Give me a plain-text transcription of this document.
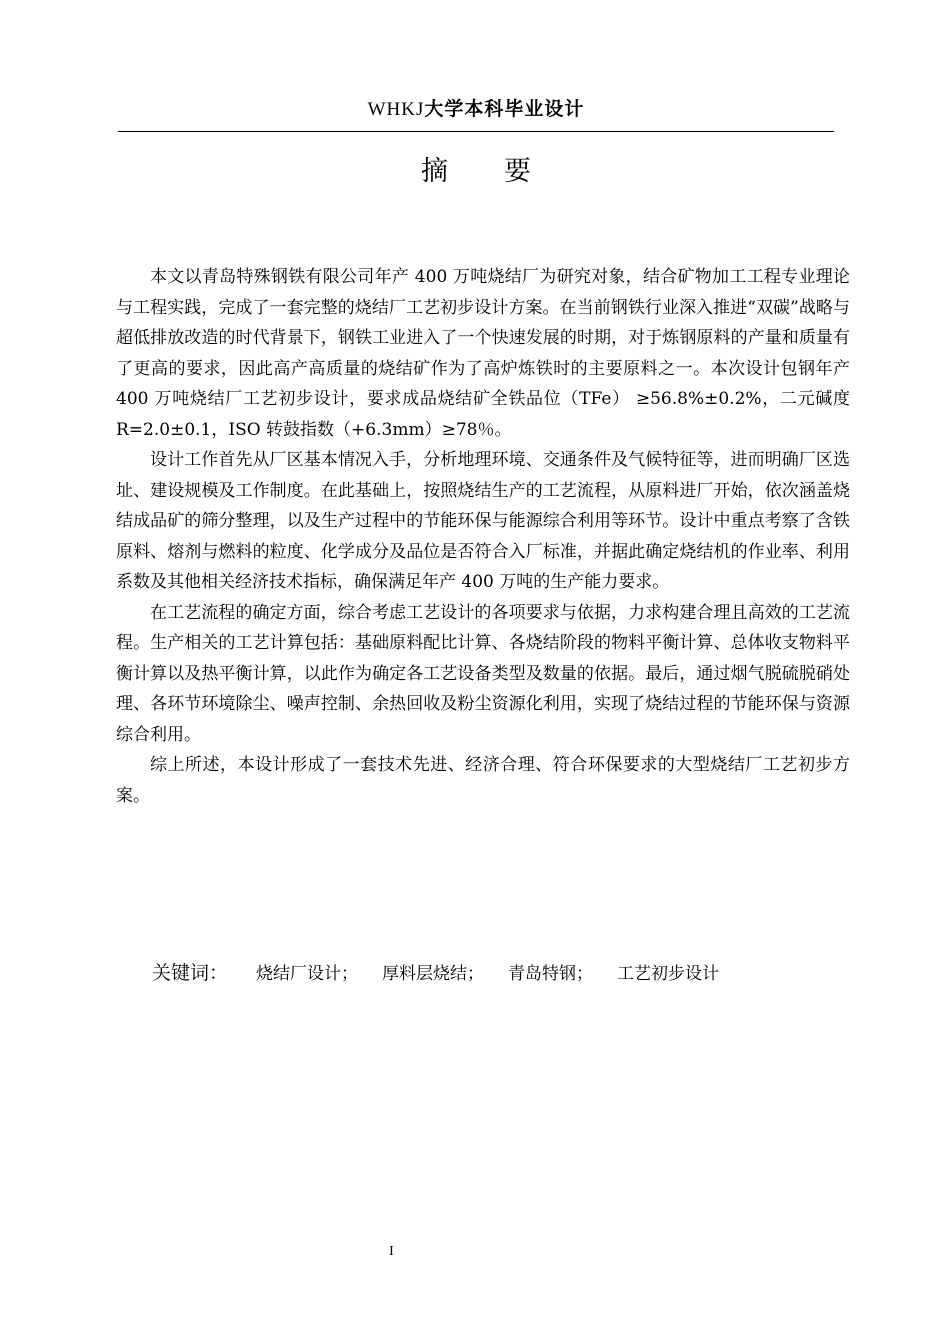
WHKJ大学本科毕业设计
摘 要

本文以青岛特殊钢铁有限公司年产 400 万吨烧结厂为研究对象，结合矿物加工工程专业理论与工程实践，完成了一套完整的烧结厂工艺初步设计方案。在当前钢铁行业深入推进“双碳”战略与超低排放改造的时代背景下，钢铁工业进入了一个快速发展的时期，对于炼钢原料的产量和质量有了更高的要求，因此高产高质量的烧结矿作为了高炉炼铁时的主要原料之一。本次设计包钢年产 400 万吨烧结厂工艺初步设计，要求成品烧结矿全铁品位（TFe） ≥56.8%±0.2%，二元碱度 R=2.0±0.1，ISO 转鼓指数（+6.3mm）≥78％。

设计工作首先从厂区基本情况入手，分析地理环境、交通条件及气候特征等，进而明确厂区选址、建设规模及工作制度。在此基础上，按照烧结生产的工艺流程，从原料进厂开始，依次涵盖烧结成品矿的筛分整理，以及生产过程中的节能环保与能源综合利用等环节。设计中重点考察了含铁原料、熔剂与燃料的粒度、化学成分及品位是否符合入厂标准，并据此确定烧结机的作业率、利用系数及其他相关经济技术指标，确保满足年产 400 万吨的生产能力要求。

在工艺流程的确定方面，综合考虑工艺设计的各项要求与依据，力求构建合理且高效的工艺流程。生产相关的工艺计算包括：基础原料配比计算、各烧结阶段的物料平衡计算、总体收支物料平衡计算以及热平衡计算，以此作为确定各工艺设备类型及数量的依据。最后，通过烟气脱硫脱硝处理、各环节环境除尘、噪声控制、余热回收及粉尘资源化利用，实现了烧结过程的节能环保与资源综合利用。

综上所述，本设计形成了一套技术先进、经济合理、符合环保要求的大型烧结厂工艺初步方案。

关键词： 烧结厂设计； 厚料层烧结； 青岛特钢； 工艺初步设计
I
